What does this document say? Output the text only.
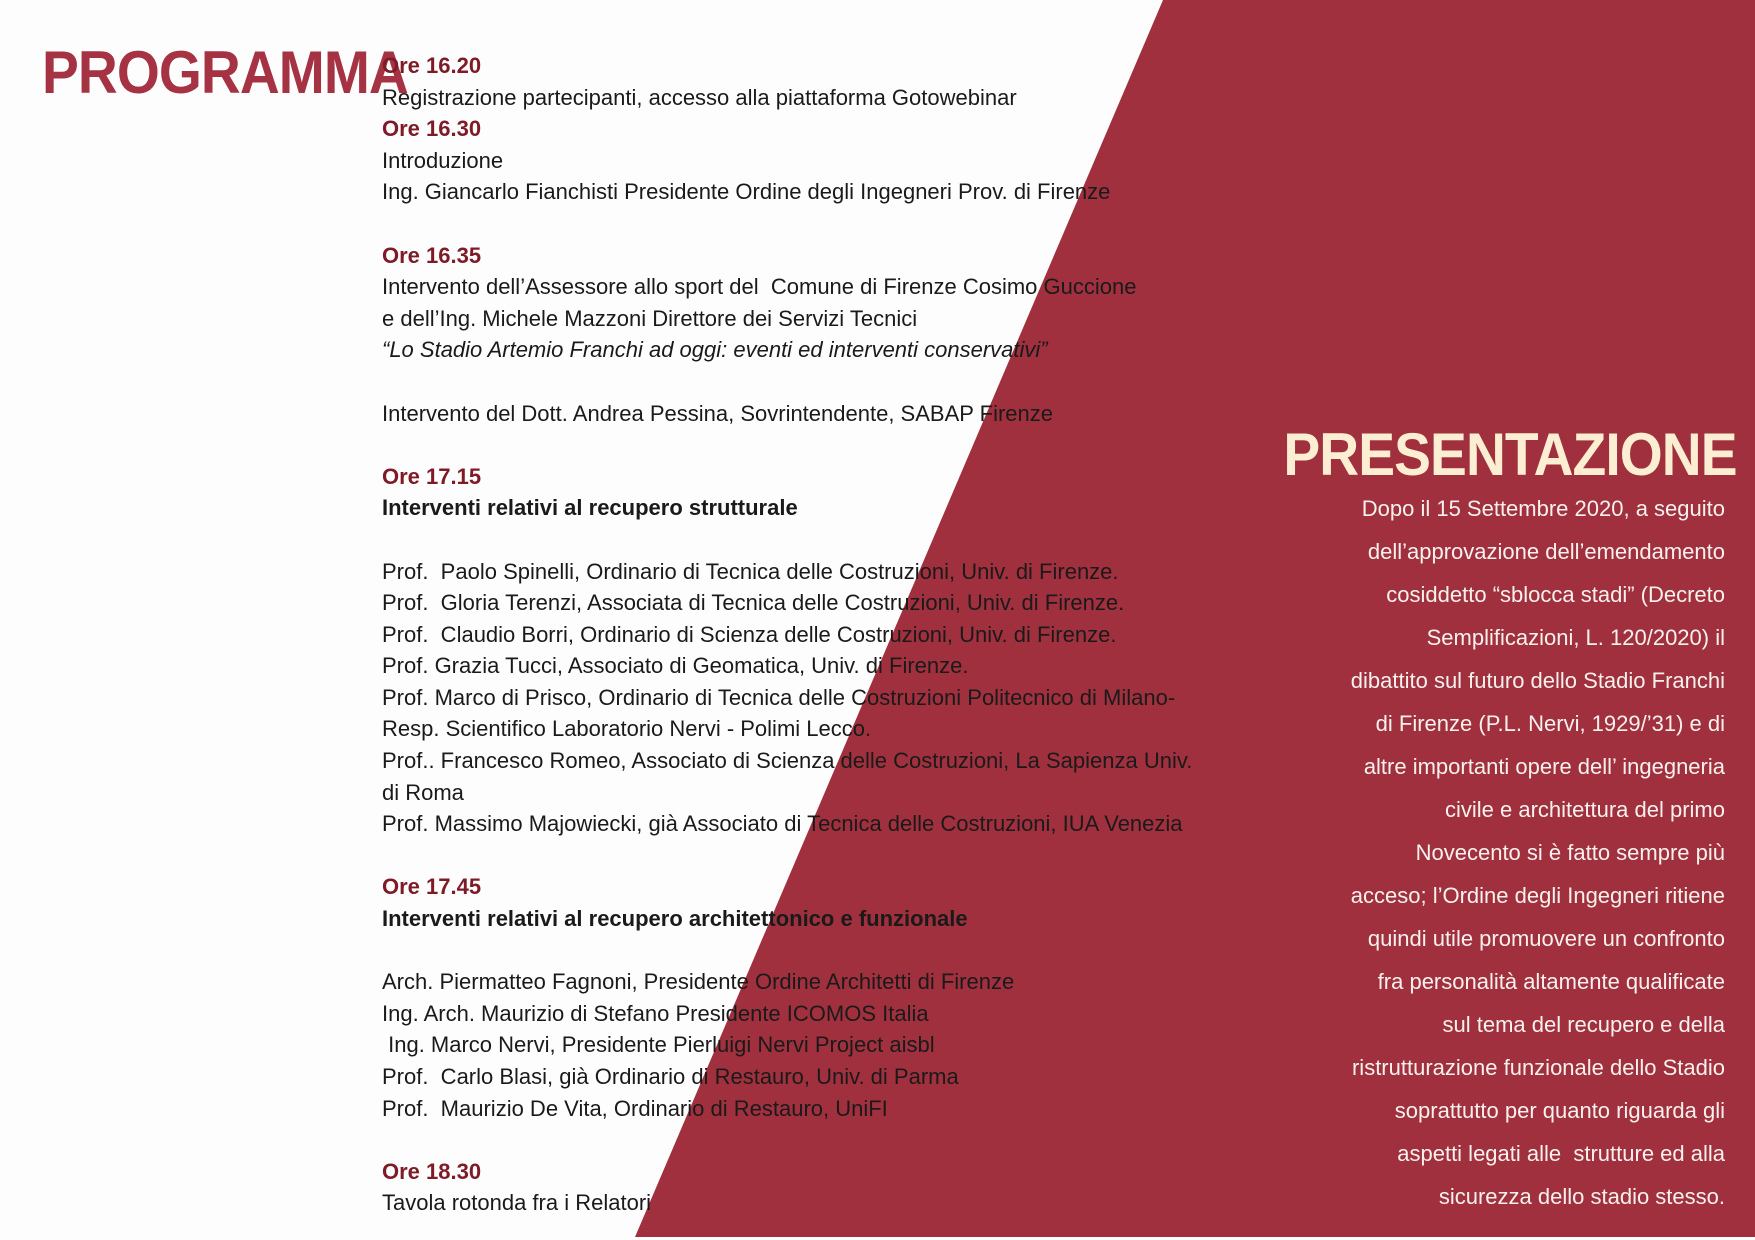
PROGRAMMA
Ore 16.20
Registrazione partecipanti, accesso alla piattaforma Gotowebinar
Ore 16.30
Introduzione
Ing. Giancarlo Fianchisti Presidente Ordine degli Ingegneri Prov. di Firenze
Ore 16.35
Intervento dell’Assessore allo sport del  Comune di Firenze Cosimo Guccione
e dell’Ing. Michele Mazzoni Direttore dei Servizi Tecnici
“Lo Stadio Artemio Franchi ad oggi: eventi ed interventi conservativi”
Intervento del Dott. Andrea Pessina, Sovrintendente, SABAP Firenze
Ore 17.15
Interventi relativi al recupero strutturale
Prof.  Paolo Spinelli, Ordinario di Tecnica delle Costruzioni, Univ. di Firenze.
Prof.  Gloria Terenzi, Associata di Tecnica delle Costruzioni, Univ. di Firenze.
Prof.  Claudio Borri, Ordinario di Scienza delle Costruzioni, Univ. di Firenze.
Prof. Grazia Tucci, Associato di Geomatica, Univ. di Firenze.
Prof. Marco di Prisco, Ordinario di Tecnica delle Costruzioni Politecnico di Milano-
Resp. Scientifico Laboratorio Nervi - Polimi Lecco.
Prof.. Francesco Romeo, Associato di Scienza delle Costruzioni, La Sapienza Univ.
di Roma
Prof. Massimo Majowiecki, già Associato di Tecnica delle Costruzioni, IUA Venezia
Ore 17.45
Interventi relativi al recupero architettonico e funzionale
Arch. Piermatteo Fagnoni, Presidente Ordine Architetti di Firenze
Ing. Arch. Maurizio di Stefano Presidente ICOMOS Italia
Ing. Marco Nervi, Presidente Pierluigi Nervi Project aisbl
Prof.  Carlo Blasi, già Ordinario di Restauro, Univ. di Parma
Prof.  Maurizio De Vita, Ordinario di Restauro, UniFI
Ore 18.30
Tavola rotonda fra i Relatori
PRESENTAZIONE
Dopo il 15 Settembre 2020, a seguito
dell’approvazione dell’emendamento
cosiddetto “sblocca stadi” (Decreto
Semplificazioni, L. 120/2020) il
dibattito sul futuro dello Stadio Franchi
di Firenze (P.L. Nervi, 1929/’31) e di
altre importanti opere dell’ ingegneria
civile e architettura del primo
Novecento si è fatto sempre più
acceso; l’Ordine degli Ingegneri ritiene
quindi utile promuovere un confronto
fra personalità altamente qualificate
sul tema del recupero e della
ristrutturazione funzionale dello Stadio
soprattutto per quanto riguarda gli
aspetti legati alle  strutture ed alla
sicurezza dello stadio stesso.
